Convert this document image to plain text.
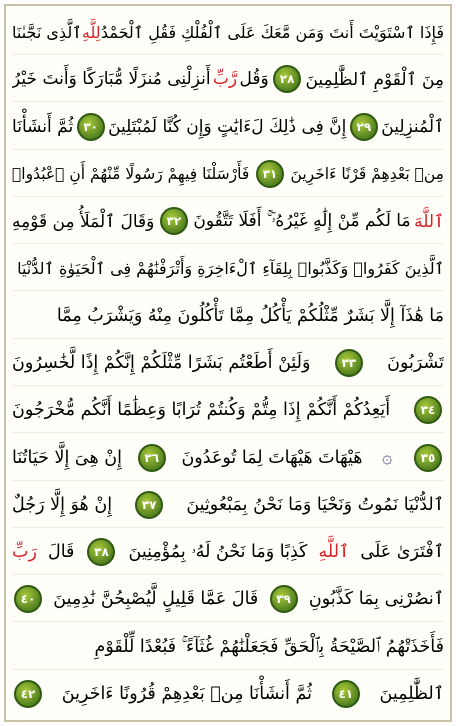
فَإِذَا ٱسْتَوَيْتَ أَنتَ وَمَن مَّعَكَ عَلَى ٱلْفُلْكِ فَقُلِ ٱلْحَمْدُ
لِلَّهِ
ٱلَّذِى نَجَّىٰنَا
مِنَ ٱلْقَوْمِ ٱلظَّٰلِمِينَ
٢٨
وَقُل
رَّبِّ
أَنزِلْنِى مُنزَلًا مُّبَارَكًا وَأَنتَ خَيْرُ
ٱلْمُنزِلِينَ
٢٩
إِنَّ فِى ذَٰلِكَ لَءَايَٰتٍ وَإِن كُنَّا لَمُبْتَلِينَ
٣٠
ثُمَّ أَنشَأْنَا
مِنۢ بَعْدِهِمْ قَرْنًا ءَاخَرِينَ
٣١
فَأَرْسَلْنَا فِيهِمْ رَسُولًا مِّنْهُمْ أَنِ ٱعْبُدُوا۟
ٱللَّهَ
مَا لَكُم مِّنْ إِلَٰهٍ غَيْرُهُۥٓ ۚ أَفَلَا تَتَّقُونَ
٣٢
وَقَالَ ٱلْمَلَأُ مِن قَوْمِهِ
ٱلَّذِينَ كَفَرُوا۟ وَكَذَّبُوا۟ بِلِقَآءِ ٱلْءَاخِرَةِ وَأَتْرَفْنَٰهُمْ فِى ٱلْحَيَوٰةِ ٱلدُّنْيَا
مَا هَٰذَآ إِلَّا بَشَرٌ مِّثْلُكُمْ يَأْكُلُ مِمَّا تَأْكُلُونَ مِنْهُ وَيَشْرَبُ مِمَّا
تَشْرَبُونَ
٣٣
وَلَئِنْ أَطَعْتُم بَشَرًا مِّثْلَكُمْ إِنَّكُمْ إِذًا لَّخَٰسِرُونَ
٣٤
أَيَعِدُكُمْ أَنَّكُمْ إِذَا مِتُّمْ وَكُنتُمْ تُرَابًا وَعِظَٰمًا أَنَّكُم مُّخْرَجُونَ
٣٥
۞
هَيْهَاتَ هَيْهَاتَ لِمَا تُوعَدُونَ
٣٦
إِنْ هِىَ إِلَّا حَيَاتُنَا
ٱلدُّنْيَا نَمُوتُ وَنَحْيَا وَمَا نَحْنُ بِمَبْعُوثِينَ
٣٧
إِنْ هُوَ إِلَّا رَجُلٌ
ٱفْتَرَىٰ عَلَى
ٱللَّهِ
كَذِبًا وَمَا نَحْنُ لَهُۥ بِمُؤْمِنِينَ
٣٨
قَالَ
رَبِّ
ٱنصُرْنِى بِمَا كَذَّبُونِ
٣٩
قَالَ عَمَّا قَلِيلٍ لَّيُصْبِحُنَّ نَٰدِمِينَ
٤٠
فَأَخَذَتْهُمُ ٱلصَّيْحَةُ بِٱلْحَقِّ فَجَعَلْنَٰهُمْ غُثَآءً ۚ فَبُعْدًا لِّلْقَوْمِ
ٱلظَّٰلِمِينَ
٤١
ثُمَّ أَنشَأْنَا مِنۢ بَعْدِهِمْ قُرُونًا ءَاخَرِينَ
٤٢
